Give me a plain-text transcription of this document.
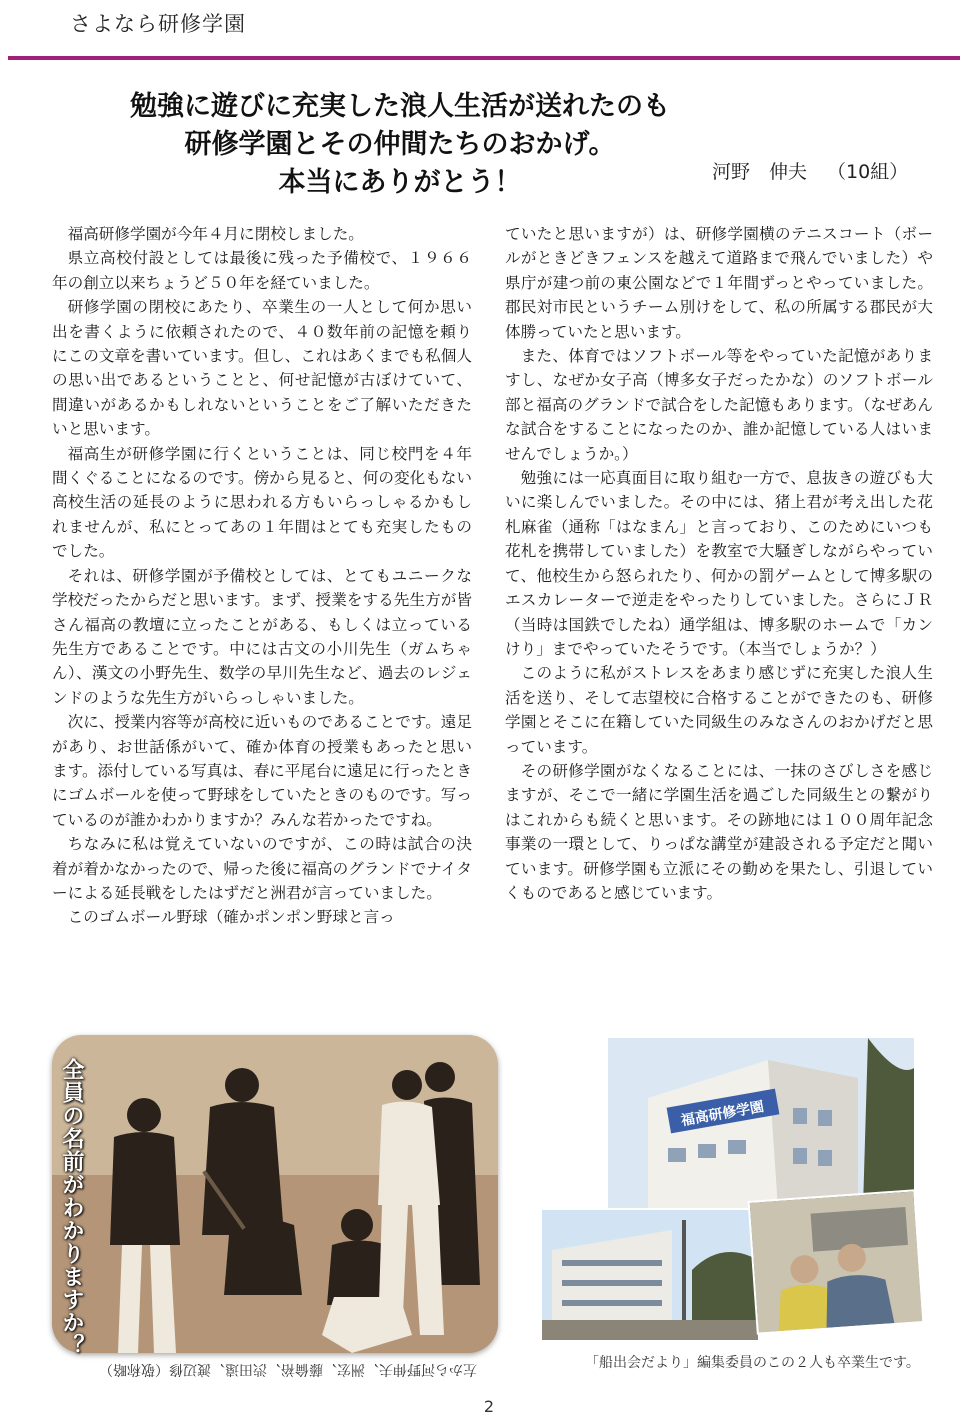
さよなら研修学園
勉強に遊びに充実した浪人生活が送れたのも
研修学園とその仲間たちのおかげ。
本当にありがとう！	河野　伸夫 （10組）

福高研修学園が今年４月に閉校しました。

県立高校付設としては最後に残った予備校で、１９６６年の創立以来ちょうど５０年を経ていました。

研修学園の閉校にあたり、卒業生の一人として何か思い出を書くように依頼されたので、４０数年前の記憶を頼りにこの文章を書いています。但し、これはあくまでも私個人の思い出であるということと、何せ記憶が古ぼけていて、間違いがあるかもしれないということをご了解いただきたいと思います。

福高生が研修学園に行くということは、同じ校門を４年間くぐることになるのです。傍から見ると、何の変化もない高校生活の延長のように思われる方もいらっしゃるかもしれませんが、私にとってあの１年間はとても充実したものでした。

それは、研修学園が予備校としては、とてもユニークな学校だったからだと思います。まず、授業をする先生方が皆さん福高の教壇に立ったことがある、もしくは立っている先生方であることです。中には古文の小川先生（ガムちゃん）、漢文の小野先生、数学の早川先生など、過去のレジェンドのような先生方がいらっしゃいました。

次に、授業内容等が高校に近いものであることです。遠足があり、お世話係がいて、確か体育の授業もあったと思います。添付している写真は、春に平尾台に遠足に行ったときにゴムボールを使って野球をしていたときのものです。写っているのが誰かわかりますか？みんな若かったですね。

ちなみに私は覚えていないのですが、この時は試合の決着が着かなかったので、帰った後に福高のグランドでナイターによる延長戦をしたはずだと洲君が言っていました。

このゴムボール野球（確かポンポン野球と言っ

ていたと思いますが）は、研修学園横のテニスコート（ボールがときどきフェンスを越えて道路まで飛んでいました）や県庁が建つ前の東公園などで１年間ずっとやっていました。郡民対市民というチーム別けをして、私の所属する郡民が大体勝っていたと思います。

また、体育ではソフトボール等をやっていた記憶がありますし、なぜか女子高（博多女子だったかな）のソフトボール部と福高のグランドで試合をした記憶もあります。（なぜあんな試合をすることになったのか、誰か記憶している人はいませんでしょうか。）

勉強には一応真面目に取り組む一方で、息抜きの遊びも大いに楽しんでいました。その中には、猪上君が考え出した花札麻雀（通称「はなまん」と言っており、このためにいつも花札を携帯していました）を教室で大騒ぎしながらやっていて、他校生から怒られたり、何かの罰ゲームとして博多駅のエスカレーターで逆走をやったりしていました。さらにＪＲ（当時は国鉄でしたね）通学組は、博多駅のホームで「カンけり」までやっていたそうです。（本当でしょうか？）

このように私がストレスをあまり感じずに充実した浪人生活を送り、そして志望校に合格することができたのも、研修学園とそこに在籍していた同級生のみなさんのおかげだと思っています。

その研修学園がなくなることには、一抹のさびしさを感じますが、そこで一緒に学園生活を過ごした同級生との繋がりはこれからも続くと思います。その跡地には１００周年記念事業の一環として、りっぱな講堂が建設される予定だと聞いています。研修学園も立派にその勤めを果たし、引退していくものであると感じています。

全員の名前がわかりますか？
左から河野伸夫、洲宏、藤倫裕、渋田遠、渡辺修（敬称略）
福高研修学園
「船出会だより」編集委員のこの２人も卒業生です。
2
